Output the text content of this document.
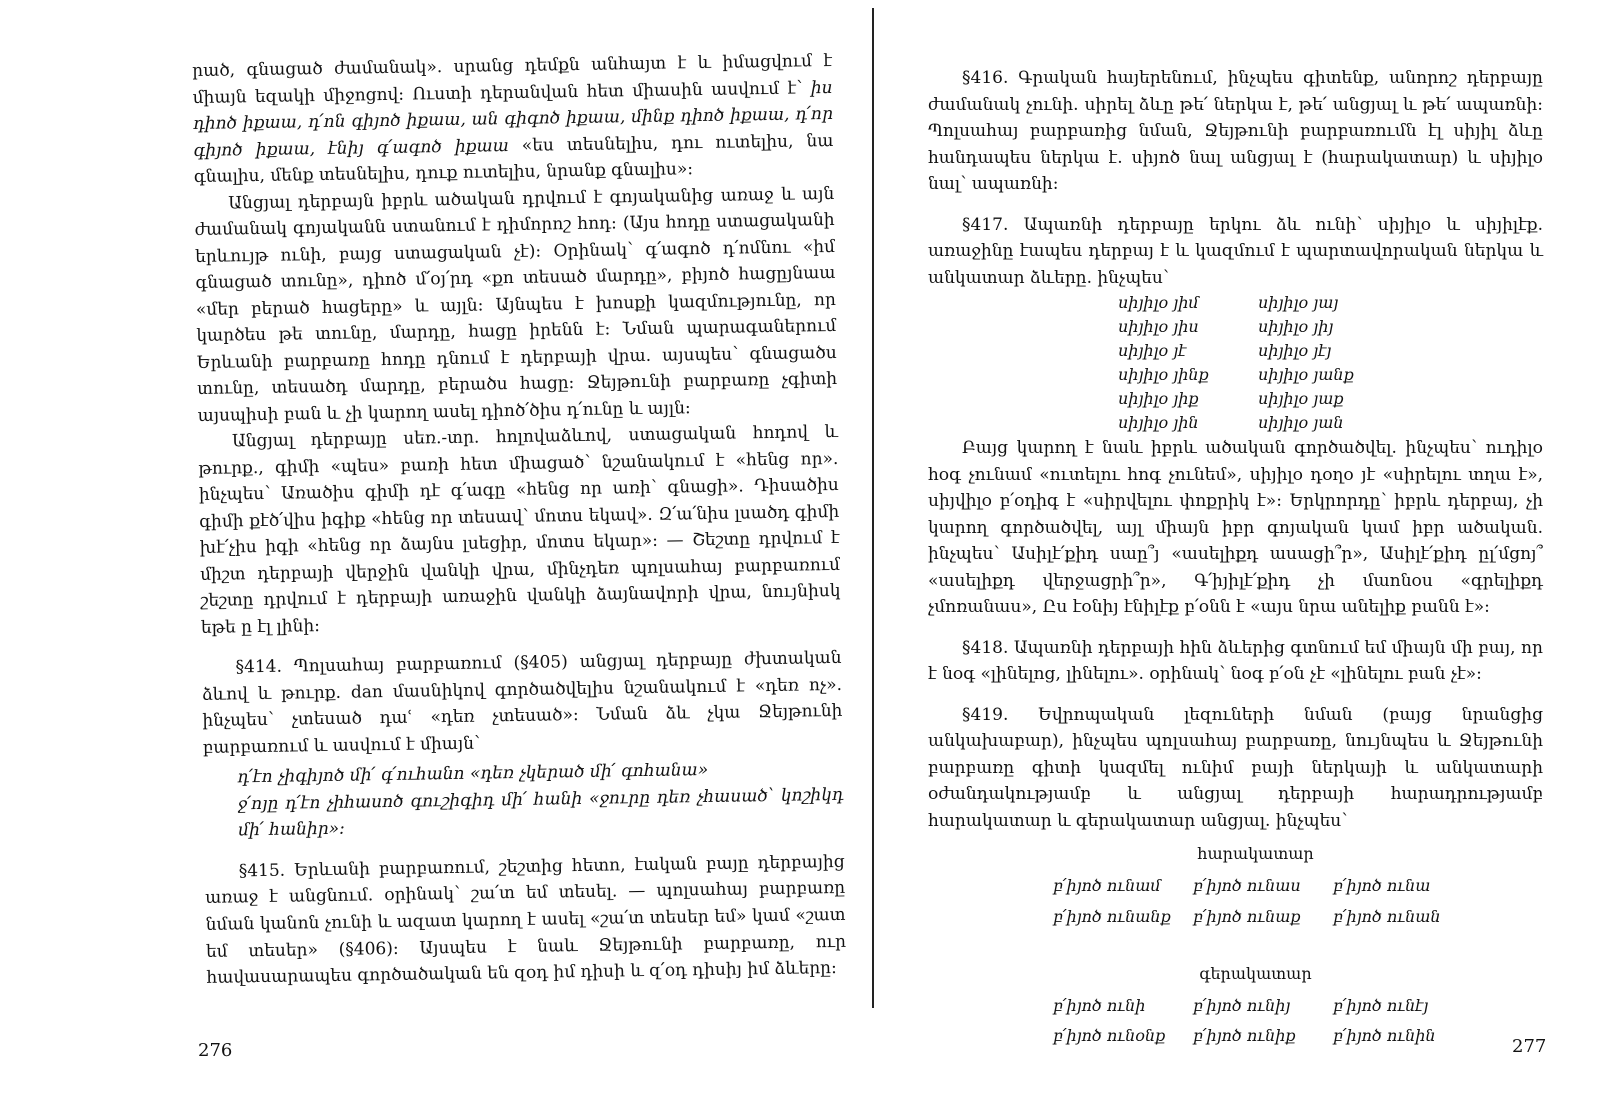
րած, գնացած ժամանակ». սրանց դեմքն անհայտ է և իմացվում է միայն եզակի միջոցով: Ուստի դերանվան հետ միասին ասվում է՝ իս դիոծ իքաա, դ՛ոն գիյոծ իքաա, ան գիգոծ իքաա, մինք դիոծ իքաա, դ՛որ գիյոծ իքաա, էնիյ գ՛ագոծ իքաա «ես տեսնելիս, դու ուտելիս, նա գնալիս, մենք տեսնելիս, դուք ուտելիս, նրանք գնալիս»:

Անցյալ դերբայն իբրև ածական դրվում է գոյականից առաջ և այն ժամանակ գոյականն ստանում է դիմորոշ հոդ: (Այս հոդը ստացականի երևույթ ունի, բայց ստացական չէ): Օրինակ՝ գ՛ագոծ դ՛ոմնու «իմ գնացած տունը», դիոծ մ՛օյ՛րդ «քո տեսած մարդը», բիյոծ հացըյնաա «մեր բերած հացերը» և այլն: Այնպես է խոսքի կազմությունը, որ կարծես թե տունը, մարդը, հացը իրենն է: Նման պարագաներում Երևանի բարբառը հոդը դնում է դերբայի վրա. այսպես՝ գնացածս տունը, տեսածդ մարդը, բերածս հացը: Ջեյթունի բարբառը չգիտի այսպիսի բան և չի կարող ասել դիոծ՛ծիս դ՛ունը և այլն:

Անցյալ դերբայը սեռ.-տր. հոլովաձևով, ստացական հոդով և թուրք., գիմի «պես» բառի հետ միացած՝ նշանակում է «հենց որ». ինչպես՝ Առածիս գիմի դէ գ՛ագը «հենց որ առի՝ գնացի». Դիսածիս գիմի քէծ՛վիս իգիք «հենց որ տեսավ՝ մոտս եկավ». Զ՛ա՛նիս լսածդ գիմի խէ՛չիս իգի «հենց որ ձայնս լսեցիր, մոտս եկար»: — Շեշտը դրվում է միշտ դերբայի վերջին վանկի վրա, մինչդեռ պոլսահայ բարբառում շեշտը դրվում է դերբայի առաջին վանկի ձայնավորի վրա, նույնիսկ եթե ը էլ լինի:

§414. Պոլսահայ բարբառում (§405) անցյալ դերբայը ժխտական ձևով և թուրք. dan մասնիկով գործածվելիս նշանակում է «դեռ ոչ». ինչպես՝ չտեսած դաՙ «դեռ չտեսած»: Նման ձև չկա Ջեյթունի բարբառում և ասվում է միայն՝

դ՛էո չիգիյոծ մի՛ գ՛ուհանո «դեռ չկերած մի՛ գոհանա»

ջ՛ոյը դ՛էո չիհասոծ գուշիգիդ մի՛ հանի «ջուրը դեռ չհասած՝ կոշիկդ մի՛ հանիր»:

§415. Երևանի բարբառում, շեշտից հետո, էական բայը դերբայից առաջ է անցնում. օրինակ՝ շա՛տ եմ տեսել. — պոլսահայ բարբառը նման կանոն չունի և ազատ կարող է ասել «շա՛տ տեսեր եմ» կամ «շատ եմ տեսեր» (§406): Այսպես է նաև Ջեյթունի բարբառը, ուր հավասարապես գործածական են զօդ իմ դիսի և զ՛օդ դիսիյ իմ ձևերը:

276

§416. Գրական հայերենում, ինչպես գիտենք, անորոշ դերբայը ժամանակ չունի. սիրել ձևը թե՛ ներկա է, թե՛ անցյալ և թե՛ ապառնի: Պոլսահայ բարբառից նման, Ջեյթունի բարբառումն էլ սիյիլ ձևը հանդապես ներկա է. սիյոծ նալ անցյալ է (հարակատար) և սիյիլօ նալ՝ ապառնի:

§417. Ապառնի դերբայը երկու ձև ունի՝ սիյիլօ և սիյիլէք. առաջինը էապես դերբայ է և կազմում է պարտավորական ներկա և անկատար ձևերը. ինչպես՝

սիյիլօ յիմ	սիյիլօ յայ
սիյիլօ յիս	սիյիլօ յիյ
սիյիլօ յէ	սիյիլօ յէյ
սիյիլօ յինք	սիյիլօ յանք
սիյիլօ յիք	սիյիլօ յաք
սիյիլօ յին	սիյիլօ յան

Բայց կարող է նաև իբրև ածական գործածվել. ինչպես՝ ուդիլօ հօգ չունամ «ուտելու հոգ չունեմ», սիյիլօ դօղօ յէ «սիրելու տղա է», սիյվիլօ բ՛օդիգ է «սիրվելու փոքրիկ է»: Երկրորդը՝ իբրև դերբայ, չի կարող գործածվել, այլ միայն իբր գոյական կամ իբր ածական. ինչպես՝ Ասիլէ՛քիդ սաը՞յ «ասելիքդ ասացի՞ր», Ասիլէ՛քիդ ըլ՛մցոյ՞ «ասելիքդ վերջացրի՞ր», Գ՛իյիլէ՛քիդ չի մաոնօս «գրելիքդ չմոռանաս», Ըս էօնիյ էնիլէք բ՛օնն է «այս նրա անելիք բանն է»:

§418. Ապառնի դերբայի հին ձևերից գտնում եմ միայն մի բայ, որ է նօգ «լինելոց, լինելու». օրինակ՝ նօգ բ՛օն չէ «լինելու բան չէ»:

§419. Եվրոպական լեզուների նման (բայց նրանցից անկախաբար), ինչպես պոլսահայ բարբառը, նույնպես և Ջեյթունի բարբառը գիտի կազմել ունիմ բայի ներկայի և անկատարի օժանդակությամբ և անցյալ դերբայի հարադրությամբ հարակատար և գերակատար անցյալ. ինչպես՝

հարակատար
բ՛իյոծ ունամ	բ՛իյոծ ունաս	բ՛իյոծ ունա
բ՛իյոծ ունանք	բ՛իյոծ ունաք	բ՛իյոծ ունան
գերակատար
բ՛իյոծ ունի	բ՛իյոծ ունիյ	բ՛իյոծ ունէյ
բ՛իյոծ ունօնք	բ՛իյոծ ունիք	բ՛իյոծ ունին
277
